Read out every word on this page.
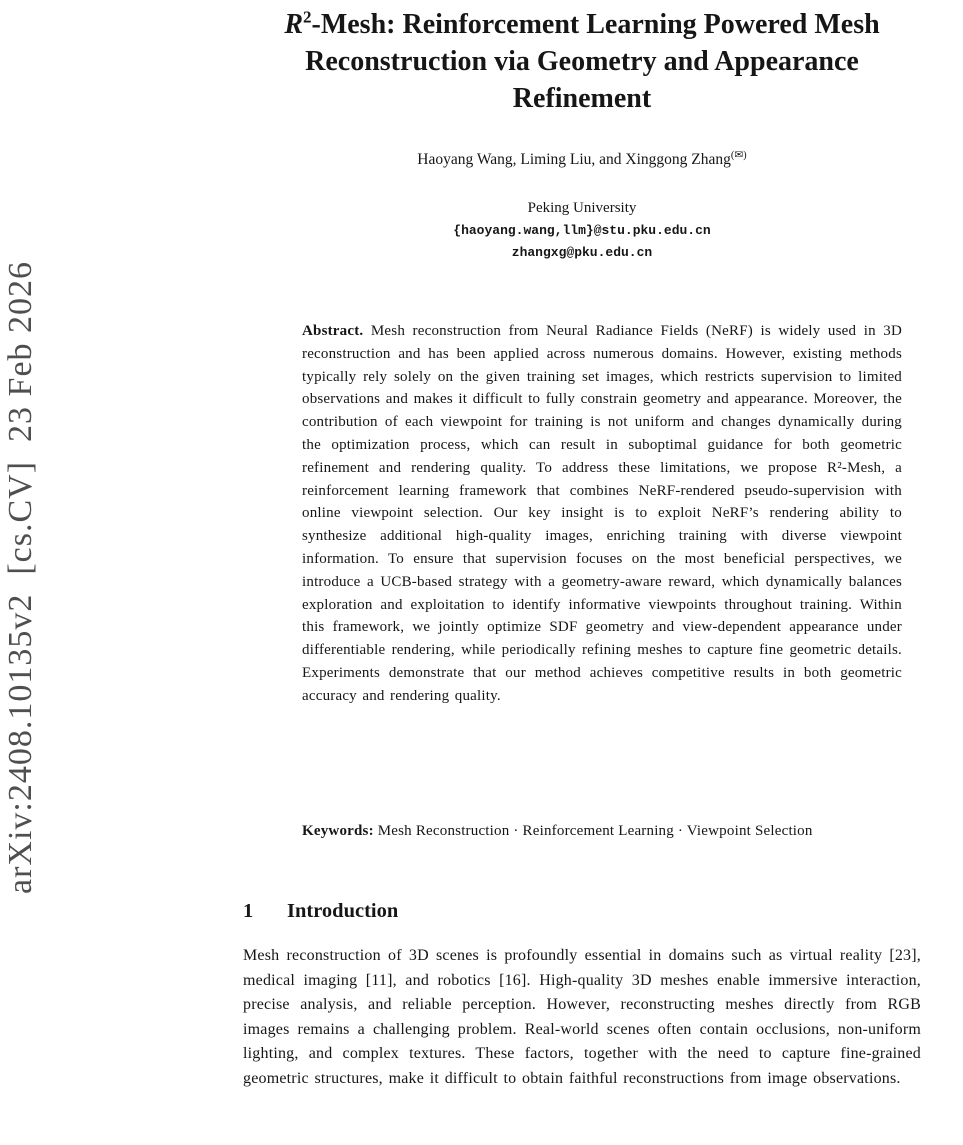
arXiv:2408.10135v2  [cs.CV]  23 Feb 2026
$R^2$-Mesh: Reinforcement Learning Powered Mesh
Reconstruction via Geometry and Appearance
Refinement
Haoyang Wang, Liming Liu, and Xinggong Zhang(✉)
Peking University
{haoyang.wang,llm}@stu.pku.edu.cn
zhangxg@pku.edu.cn

Abstract. Mesh reconstruction from Neural Radiance Fields (NeRF) is widely used in 3D reconstruction and has been applied across numerous domains. However, existing methods typically rely solely on the given training set images, which restricts supervision to limited observations and makes it difficult to fully constrain geometry and appearance. Moreover, the contribution of each viewpoint for training is not uniform and changes dynamically during the optimization process, which can result in suboptimal guidance for both geometric refinement and rendering quality. To address these limitations, we propose R²-Mesh, a reinforcement learning framework that combines NeRF-rendered pseudo-supervision with online viewpoint selection. Our key insight is to exploit NeRF’s rendering ability to synthesize additional high-quality images, enriching training with diverse viewpoint information. To ensure that supervision focuses on the most beneficial perspectives, we introduce a UCB-based strategy with a geometry-aware reward, which dynamically balances exploration and exploitation to identify informative viewpoints throughout training. Within this framework, we jointly optimize SDF geometry and view-dependent appearance under differentiable rendering, while periodically refining meshes to capture fine geometric details. Experiments demonstrate that our method achieves competitive results in both geometric accuracy and rendering quality.

Keywords: Mesh Reconstruction · Reinforcement Learning · Viewpoint Selection

1 Introduction

Mesh reconstruction of 3D scenes is profoundly essential in domains such as virtual reality [23], medical imaging [11], and robotics [16]. High-quality 3D meshes enable immersive interaction, precise analysis, and reliable perception. However, reconstructing meshes directly from RGB images remains a challenging problem. Real-world scenes often contain occlusions, non-uniform lighting, and complex textures. These factors, together with the need to capture fine-grained geometric structures, make it difficult to obtain faithful reconstructions from image observations.
